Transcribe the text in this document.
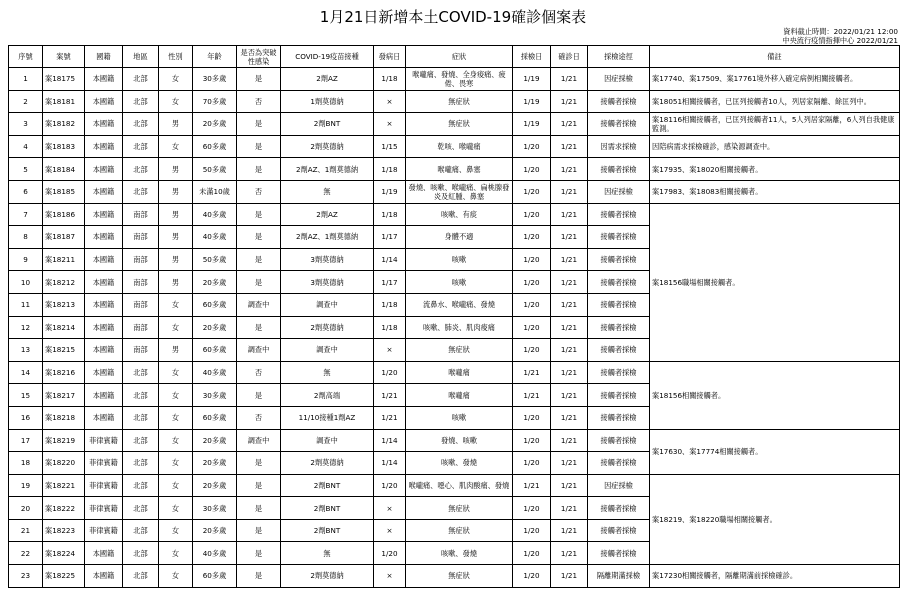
1月21日新增本土COVID-19確診個案表
資料截止時間：2022/01/21 12:00
中央流行疫情指揮中心 2022/01/21
序號	案號	國籍	地區	性別	年齡	是否為突破性感染	COVID-19疫苗接種	發病日	症狀	採檢日	確診日	採檢途徑	備註
1	案18175	本國籍	北部	女	30多歲	是	2劑AZ	1/18	喉嚨痛、發燒、全身痠痛、疲倦、畏寒	1/19	1/21	因症採檢	案17740、案17509、案17761境外移入確定病例相關接觸者。
2	案18181	本國籍	北部	女	70多歲	否	1劑莫德納	×	無症狀	1/19	1/21	接觸者採檢	案18051相關接觸者，已匡列接觸者10人，列居家隔離、餘匡列中。
3	案18182	本國籍	北部	男	20多歲	是	2劑BNT	×	無症狀	1/19	1/21	接觸者採檢	案18116相關接觸者，已匡列接觸者11人，5人列居家隔離，6人列自我健康監測。
4	案18183	本國籍	北部	女	60多歲	是	2劑莫德納	1/15	乾咳、喉嚨痛	1/20	1/21	因需求採檢	因陪病需求採檢確診，感染源調查中。
5	案18184	本國籍	北部	男	50多歲	是	2劑AZ、1劑莫德納	1/18	喉嚨痛、鼻塞	1/20	1/21	接觸者採檢	案17935、案18020相關接觸者。
6	案18185	本國籍	北部	男	未滿10歲	否	無	1/19	發燒、咳嗽、喉嚨痛、扁桃腺發炎及紅腫、鼻塞	1/20	1/21	因症採檢	案17983、案18083相關接觸者。
7	案18186	本國籍	南部	男	40多歲	是	2劑AZ	1/18	咳嗽、有痰	1/20	1/21	接觸者採檢	案18156職場相關接觸者。
8	案18187	本國籍	南部	男	40多歲	是	2劑AZ、1劑莫德納	1/17	身體不適	1/20	1/21	接觸者採檢	
9	案18211	本國籍	南部	男	50多歲	是	3劑莫德納	1/14	咳嗽	1/20	1/21	接觸者採檢	
10	案18212	本國籍	南部	男	20多歲	是	3劑莫德納	1/17	咳嗽	1/20	1/21	接觸者採檢	
11	案18213	本國籍	南部	女	60多歲	調查中	調查中	1/18	流鼻水、喉嚨痛、發燒	1/20	1/21	接觸者採檢	
12	案18214	本國籍	南部	女	20多歲	是	2劑莫德納	1/18	咳嗽、肺炎、肌肉痠痛	1/20	1/21	接觸者採檢	
13	案18215	本國籍	南部	男	60多歲	調查中	調查中	×	無症狀	1/20	1/21	接觸者採檢	
14	案18216	本國籍	北部	女	40多歲	否	無	1/20	喉嚨痛	1/21	1/21	接觸者採檢	案18156相關接觸者。
15	案18217	本國籍	北部	女	30多歲	是	2劑高端	1/21	喉嚨痛	1/21	1/21	接觸者採檢	
16	案18218	本國籍	北部	女	60多歲	否	11/10接種1劑AZ	1/21	咳嗽	1/20	1/21	接觸者採檢	
17	案18219	菲律賓籍	北部	女	20多歲	調查中	調查中	1/14	發燒、咳嗽	1/20	1/21	接觸者採檢	案17630、案17774相關接觸者。
18	案18220	菲律賓籍	北部	女	20多歲	是	2劑莫德納	1/14	咳嗽、發燒	1/20	1/21	接觸者採檢	
19	案18221	菲律賓籍	北部	女	20多歲	是	2劑BNT	1/20	喉嚨痛、噁心、肌肉酸痛、發燒	1/21	1/21	因症採檢	案18219、案18220職場相關接觸者。
20	案18222	菲律賓籍	北部	女	30多歲	是	2劑BNT	×	無症狀	1/20	1/21	接觸者採檢	
21	案18223	菲律賓籍	北部	女	20多歲	是	2劑BNT	×	無症狀	1/20	1/21	接觸者採檢	
22	案18224	本國籍	北部	女	40多歲	是	無	1/20	咳嗽、發燒	1/20	1/21	接觸者採檢	
23	案18225	本國籍	北部	女	60多歲	是	2劑莫德納	×	無症狀	1/20	1/21	隔離期滿採檢	案17230相關接觸者，隔離期滿前採檢確診。
